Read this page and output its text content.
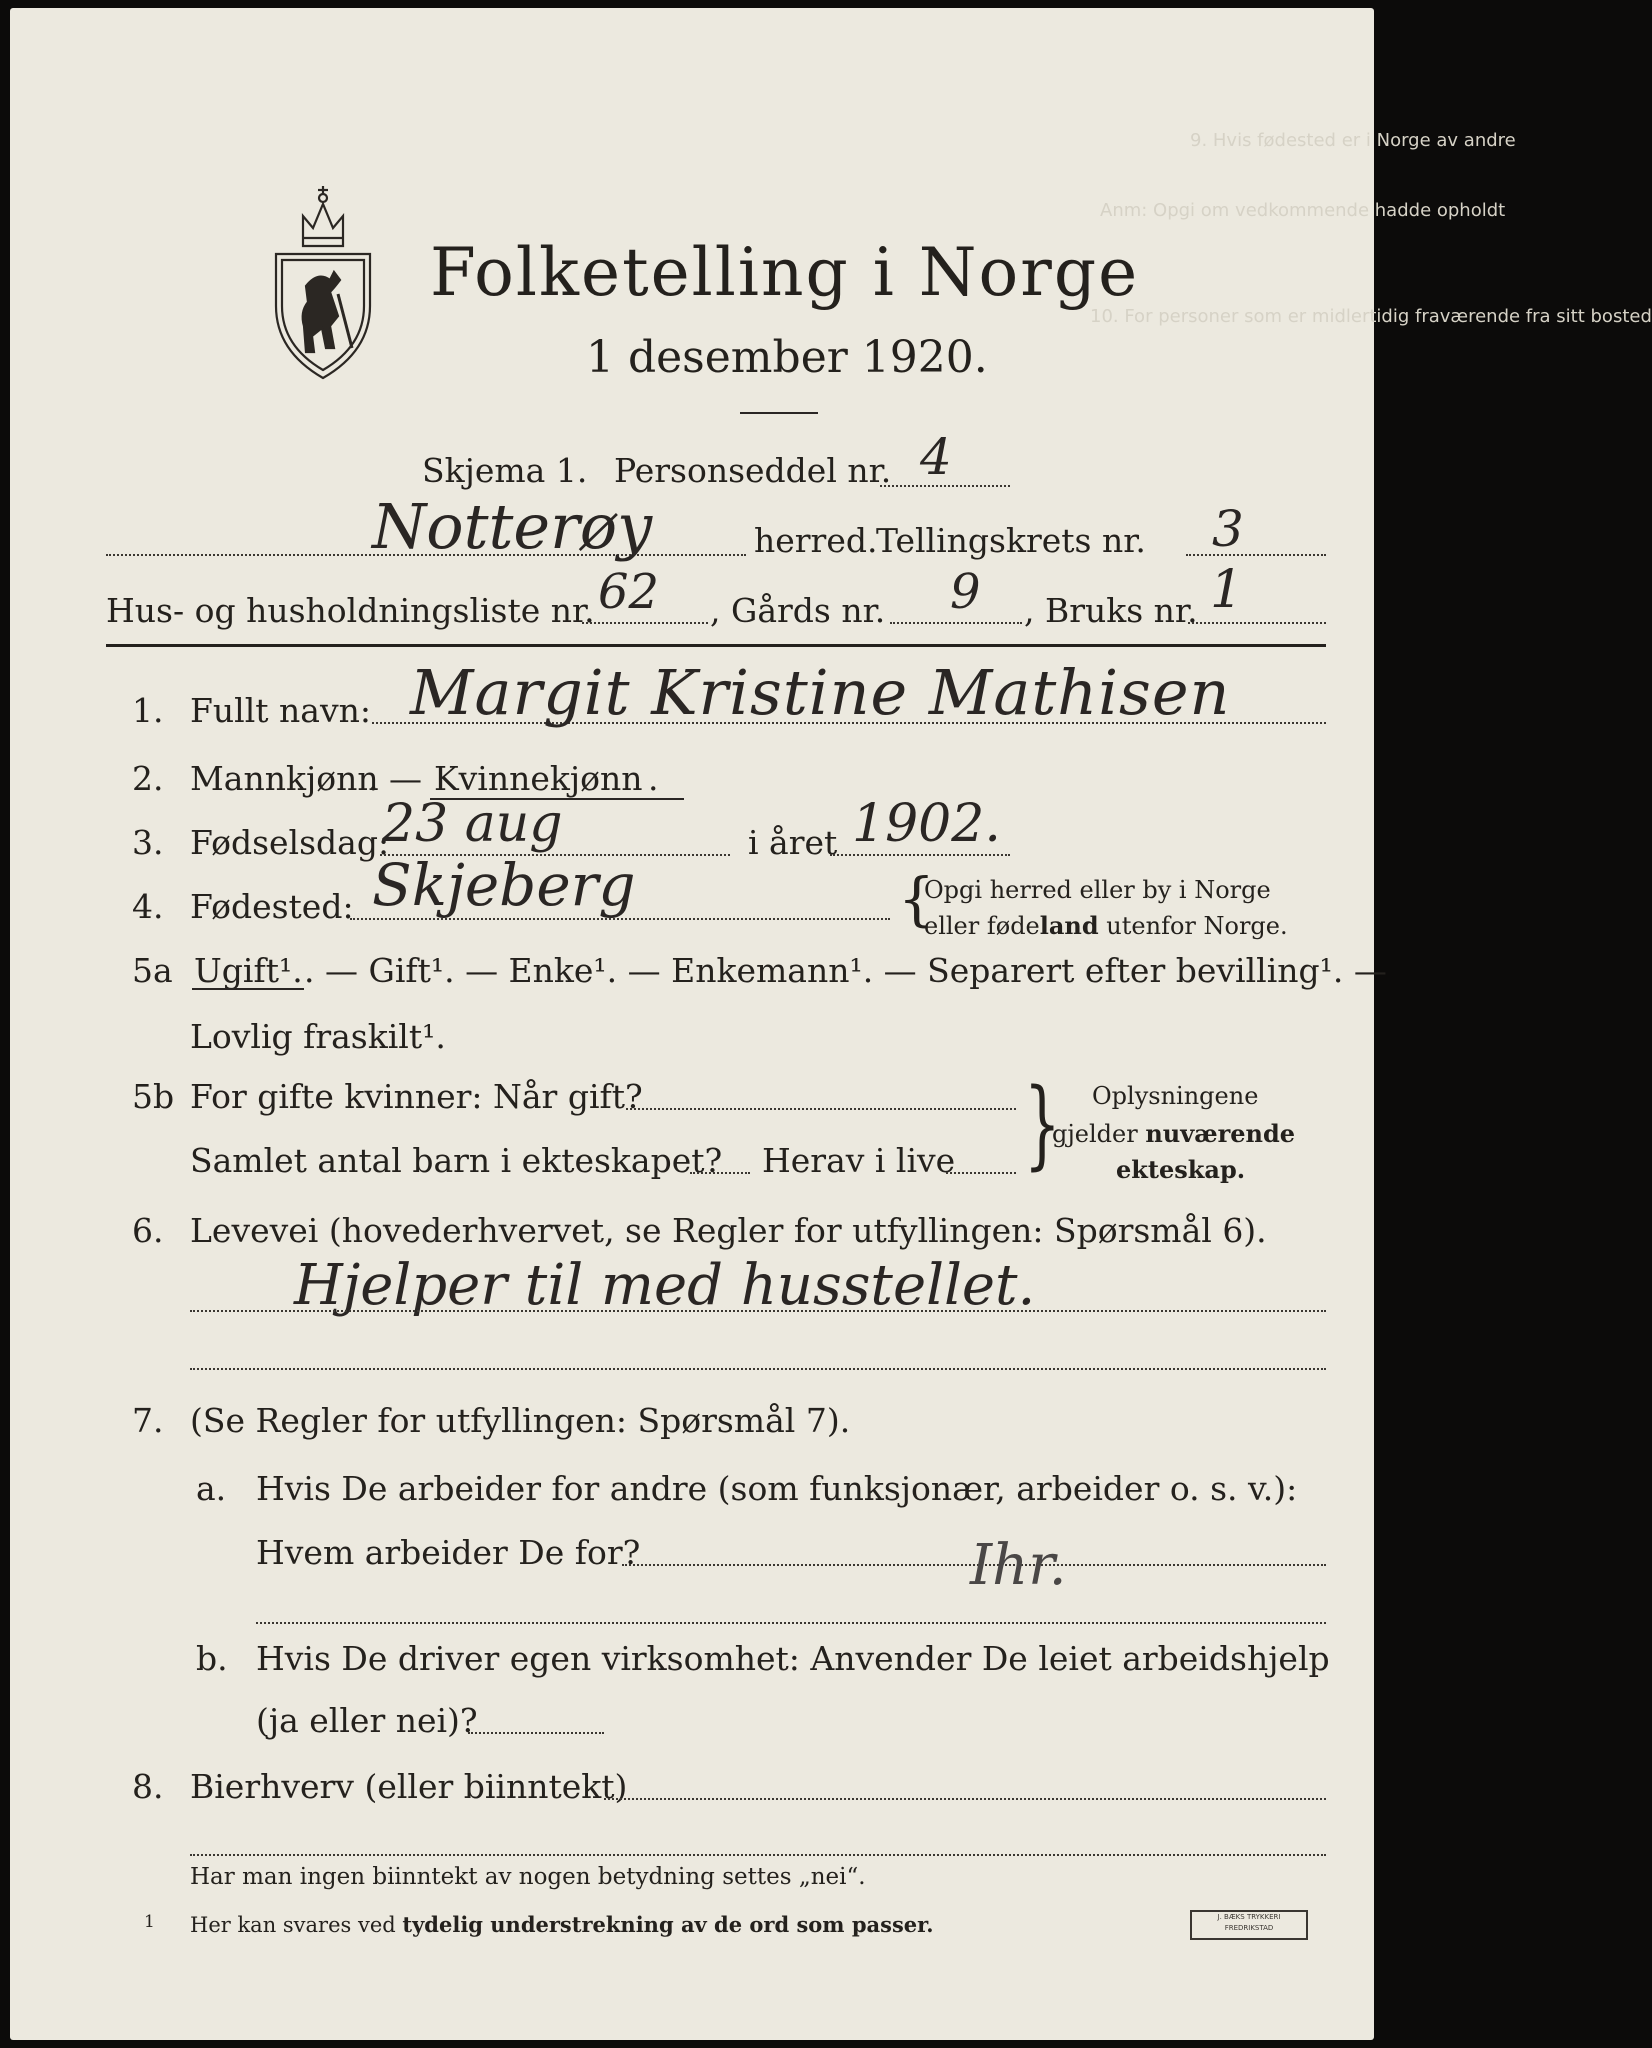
9. Hvis fødested er i Norge av andre
Anm: Opgi om vedkommende hadde opholdt
10. For personer som er midlertidig fraværende fra sitt bosted
Folketelling i Norge
1 desember 1920.
Skjema 1. Personseddel nr. 4
Notterøy	herred.
Tellingskrets nr. 3
Hus- og husholdningsliste nr. 62 , Gårds nr. 9 , Bruks nr. 1
1. Fullt navn: Margit Kristine Mathisen
2. Mannkjønn
. — Kvinnekjønn .
3. Fødselsdag:
23 aug	i året 1902.
4. Fødested: Skjeberg	{
Opgi herred eller by i Norge
eller fødeland utenfor Norge.
5a Ugift¹. . — Gift¹. — Enke¹. — Enkemann¹. — Separert efter bevilling¹. —
Lovlig fraskilt¹.
5b For gifte kvinner: Når gift?
Samlet antal barn i ekteskapet? Herav i live } Oplysningene
gjelder nuværende
ekteskap.
6. Levevei (hovederhvervet, se Regler for utfyllingen: Spørsmål 6).
Hjelper til med husstellet.
7. (Se Regler for utfyllingen: Spørsmål 7).
a. Hvis De arbeider for andre (som funksjonær, arbeider o. s. v.):
Hvem arbeider De for?	Ihr.
b. Hvis De driver egen virksomhet: Anvender De leiet arbeidshjelp
(ja eller nei)?
8. Bierhverv (eller biinntekt)
Har man ingen biinntekt av nogen betydning settes „nei“.
1 Her kan svares ved tydelig understrekning av de ord som passer.	J. BÆKS TRYKKERI
FREDRIKSTAD
